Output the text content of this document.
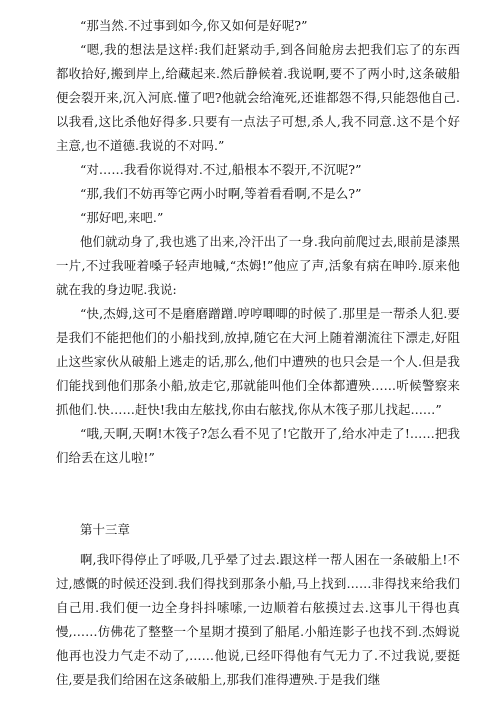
“那当然.不过事到如今,你又如何是好呢?”

“嗯,我的想法是这样:我们赶紧动手,到各间舱房去把我们忘了的东西都收拾好,搬到岸上,给藏起来.然后静候着.我说啊,要不了两小时,这条破船便会裂开来,沉入河底.懂了吧?他就会给淹死,还谁都怨不得,只能怨他自己.以我看,这比杀他好得多.只要有一点法子可想,杀人,我不同意.这不是个好主意,也不道德.我说的不对吗.”

“对……我看你说得对.不过,船根本不裂开,不沉呢?”

“那,我们不妨再等它两小时啊,等着看看啊,不是么?”

“那好吧,来吧.”

他们就动身了,我也逃了出来,冷汗出了一身.我向前爬过去,眼前是漆黑一片,不过我哑着嗓子轻声地喊,“杰姆!”他应了声,活象有病在呻吟.原来他就在我的身边呢.我说:

“快,杰姆,这可不是磨磨蹭蹭.哼哼唧唧的时候了.那里是一帮杀人犯.要是我们不能把他们的小船找到,放掉,随它在大河上随着潮流往下漂走,好阻止这些家伙从破船上逃走的话,那么,他们中遭殃的也只会是一个人.但是我们能找到他们那条小船,放走它,那就能叫他们全体都遭殃……听候警察来抓他们.快……赶快!我由左舷找,你由右舷找,你从木筏子那儿找起……”

“哦,天啊,天啊!木筏子?怎么看不见了!它散开了,给水冲走了!……把我们给丢在这儿啦!”

第十三章

啊,我吓得停止了呼吸,几乎晕了过去.跟这样一帮人困在一条破船上!不过,感慨的时候还没到.我们得找到那条小船,马上找到……非得找来给我们自己用.我们便一边全身抖抖嗦嗦,一边顺着右舷摸过去.这事儿干得也真慢,……仿佛花了整整一个星期才摸到了船尾.小船连影子也找不到.杰姆说他再也没力气走不动了,……他说,已经吓得他有气无力了.不过我说,要挺住,要是我们给困在这条破船上,那我们准得遭殃.于是我们继
